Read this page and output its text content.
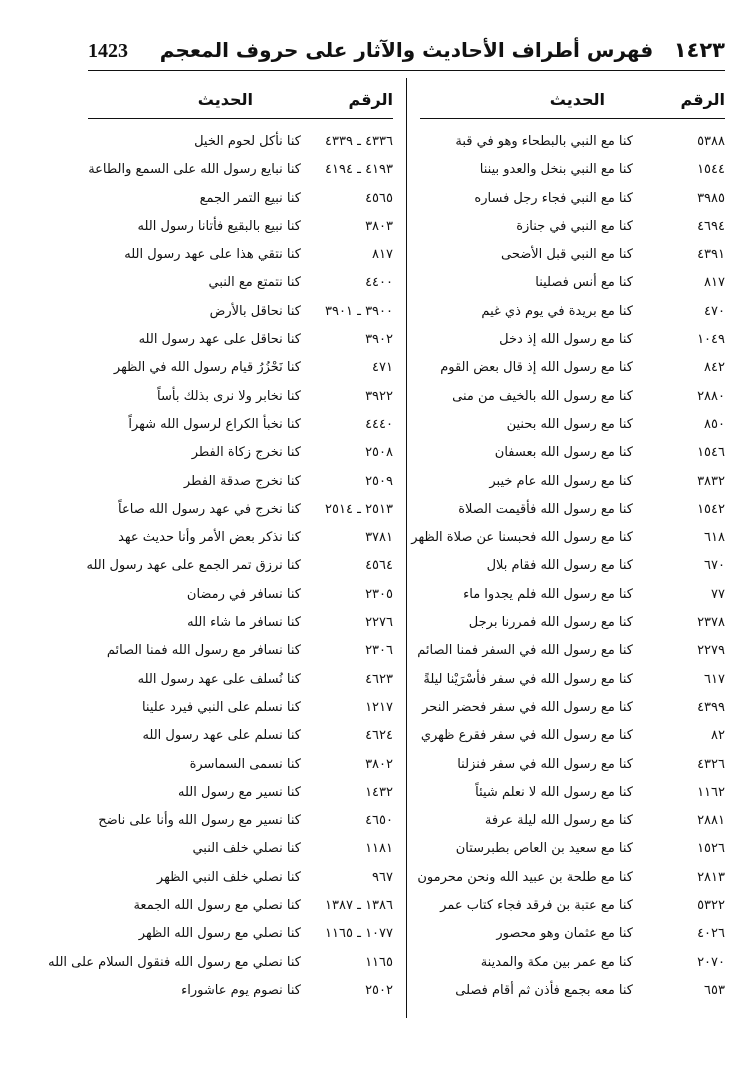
1423	فهرس أطراف الأحاديث والآثار على حروف المعجم ١٤٢٣
الرقم
الحديث
الرقم
الحديث
٥٣٨٨
كنا مع النبي بالبطحاء وهو في قبة
١٥٤٤
كنا مع النبي بنخل والعدو بيننا
٣٩٨٥
كنا مع النبي فجاء رجل فساره
٤٦٩٤
كنا مع النبي في جنازة
٤٣٩١
كنا مع النبي قبل الأضحى
٨١٧
كنا مع أنس فصلينا
٤٧٠
كنا مع بريدة في يوم ذي غيم
١٠٤٩
كنا مع رسول الله إذ دخل
٨٤٢
كنا مع رسول الله إذ قال بعض القوم
٢٨٨٠
كنا مع رسول الله بالخيف من منى
٨٥٠
كنا مع رسول الله بحنين
١٥٤٦
كنا مع رسول الله بعسفان
٣٨٣٢
كنا مع رسول الله عام خيبر
١٥٤٢
كنا مع رسول الله فأقيمت الصلاة
٦١٨
كنا مع رسول الله فحبسنا عن صلاة الظهر
٦٧٠
كنا مع رسول الله فقام بلال
٧٧
كنا مع رسول الله فلم يجدوا ماء
٢٣٧٨
كنا مع رسول الله فمررنا برجل
٢٢٧٩
كنا مع رسول الله في السفر فمنا الصائم
٦١٧
كنا مع رسول الله في سفر فأسْرَيْنا ليلةً
٤٣٩٩
كنا مع رسول الله في سفر فحضر النحر
٨٢
كنا مع رسول الله في سفر فقرع ظهري
٤٣٢٦
كنا مع رسول الله في سفر فنزلنا
١١٦٢
كنا مع رسول الله لا نعلم شيئاً
٢٨٨١
كنا مع رسول الله ليلة عرفة
١٥٢٦
كنا مع سعيد بن العاص بطبرستان
٢٨١٣
كنا مع طلحة بن عبيد الله ونحن محرمون
٥٣٢٢
كنا مع عتبة بن فرقد فجاء كتاب عمر
٤٠٢٦
كنا مع عثمان وهو محصور
٢٠٧٠
كنا مع عمر بين مكة والمدينة
٦٥٣
كنا معه بجمع فأذن ثم أقام فصلى
٤٣٣٦ ـ ٤٣٣٩
كنا نأكل لحوم الخيل
٤١٩٣ ـ ٤١٩٤
كنا نبايع رسول الله على السمع والطاعة
٤٥٦٥
كنا نبيع التمر الجمع
٣٨٠٣
كنا نبيع بالبقيع فأتانا رسول الله
٨١٧
كنا نتقي هذا على عهد رسول الله
٤٤٠٠
كنا نتمتع مع النبي
٣٩٠٠ ـ ٣٩٠١
كنا نحاقل بالأرض
٣٩٠٢
كنا نحاقل على عهد رسول الله
٤٧١
كنا نَحْزُرُ قيام رسول الله في الظهر
٣٩٢٢
كنا نخابر ولا نرى بذلك بأساً
٤٤٤٠
كنا نخبأ الكراع لرسول الله شهراً
٢٥٠٨
كنا نخرج زكاة الفطر
٢٥٠٩
كنا نخرج صدقة الفطر
٢٥١٣ ـ ٢٥١٤
كنا نخرج في عهد رسول الله صاعاً
٣٧٨١
كنا نذكر بعض الأمر وأنا حديث عهد
٤٥٦٤
كنا نرزق تمر الجمع على عهد رسول الله
٢٣٠٥
كنا نسافر في رمضان
٢٢٧٦
كنا نسافر ما شاء الله
٢٣٠٦
كنا نسافر مع رسول الله فمنا الصائم
٤٦٢٣
كنا نُسلف على عهد رسول الله
١٢١٧
كنا نسلم على النبي فيرد علينا
٤٦٢٤
كنا نسلم على عهد رسول الله
٣٨٠٢
كنا نسمى السماسرة
١٤٣٢
كنا نسير مع رسول الله
٤٦٥٠
كنا نسير مع رسول الله وأنا على ناضح
١١٨١
كنا نصلي خلف النبي
٩٦٧
كنا نصلي خلف النبي الظهر
١٣٨٦ ـ ١٣٨٧
كنا نصلي مع رسول الله الجمعة
١٠٧٧ ـ ١١٦٥
كنا نصلي مع رسول الله الظهر
١١٦٥
كنا نصلي مع رسول الله فنقول السلام على الله
٢٥٠٢
كنا نصوم يوم عاشوراء
